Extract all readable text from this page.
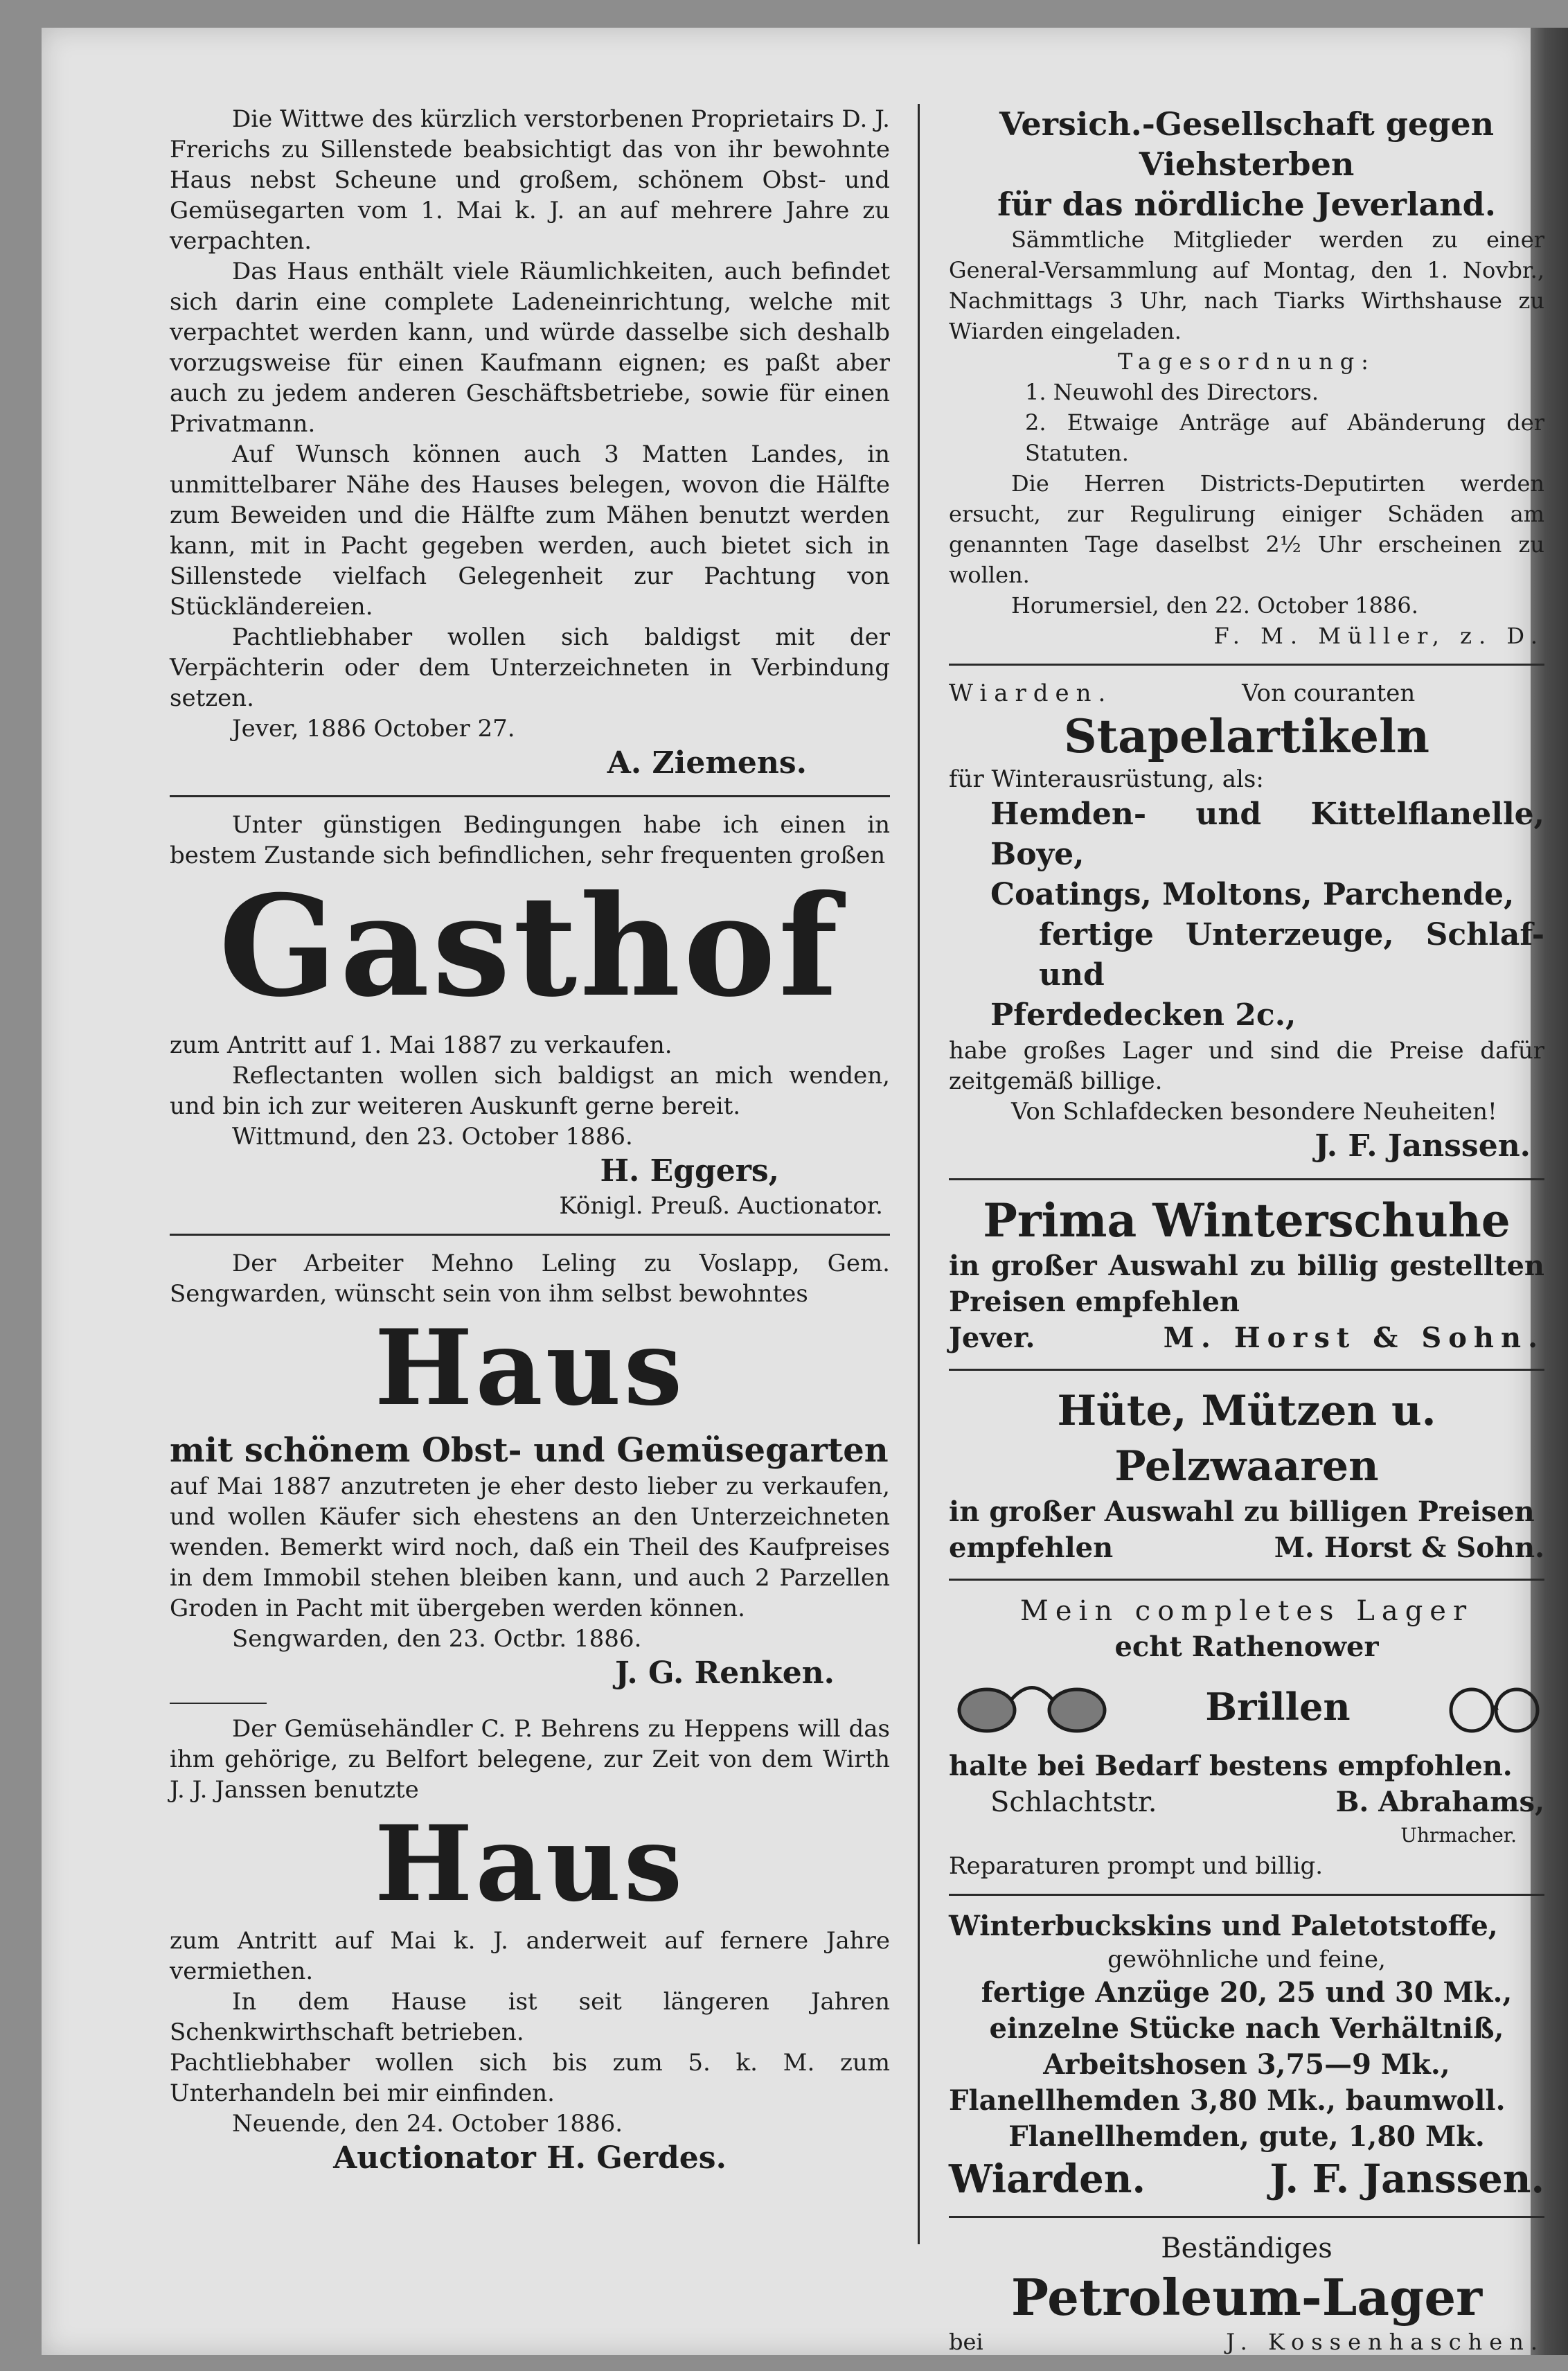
Die Wittwe des kürzlich verstorbenen Proprietairs D. J. Frerichs zu Sillenstede beabsichtigt das von ihr bewohnte Haus nebst Scheune und großem, schönem Obst- und Gemüsegarten vom 1. Mai k. J. an auf mehrere Jahre zu verpachten.

Das Haus enthält viele Räumlichkeiten, auch befindet sich darin eine complete Ladeneinrichtung, welche mit verpachtet werden kann, und würde dasselbe sich deshalb vorzugsweise für einen Kaufmann eignen; es paßt aber auch zu jedem anderen Geschäftsbetriebe, sowie für einen Privatmann.

Auf Wunsch können auch 3 Matten Landes, in unmittelbarer Nähe des Hauses belegen, wovon die Hälfte zum Beweiden und die Hälfte zum Mähen benutzt werden kann, mit in Pacht gegeben werden, auch bietet sich in Sillenstede vielfach Gelegenheit zur Pachtung von Stückländereien.

Pachtliebhaber wollen sich baldigst mit der Verpächterin oder dem Unterzeichneten in Verbindung setzen.

Jever, 1886 October 27.

A. Ziemens.

Unter günstigen Bedingungen habe ich einen in bestem Zustande sich befindlichen, sehr frequenten großen

Gasthof

zum Antritt auf 1. Mai 1887 zu verkaufen.

Reflectanten wollen sich baldigst an mich wenden, und bin ich zur weiteren Auskunft gerne bereit.

Wittmund, den 23. October 1886.

H. Eggers,

Königl. Preuß. Auctionator.

Der Arbeiter Mehno Leling zu Voslapp, Gem. Sengwarden, wünscht sein von ihm selbst bewohntes

Haus

mit schönem Obst- und Gemüsegarten

auf Mai 1887 anzutreten je eher desto lieber zu verkaufen, und wollen Käufer sich ehestens an den Unterzeichneten wenden. Bemerkt wird noch, daß ein Theil des Kaufpreises in dem Immobil stehen bleiben kann, und auch 2 Parzellen Groden in Pacht mit übergeben werden können.

Sengwarden, den 23. Octbr. 1886.

J. G. Renken.

Der Gemüsehändler C. P. Behrens zu Heppens will das ihm gehörige, zu Belfort belegene, zur Zeit von dem Wirth J. J. Janssen benutzte

Haus

zum Antritt auf Mai k. J. anderweit auf fernere Jahre vermiethen.

In dem Hause ist seit längeren Jahren Schenkwirthschaft betrieben.

Pachtliebhaber wollen sich bis zum 5. k. M. zum Unterhandeln bei mir einfinden.

Neuende, den 24. October 1886.

Auctionator H. Gerdes.

Versich.-Gesellschaft gegen Viehsterben

für das nördliche Jeverland.

Sämmtliche Mitglieder werden zu einer General-Versammlung auf Montag, den 1. Novbr., Nachmittags 3 Uhr, nach Tiarks Wirthshause zu Wiarden eingeladen.

Tagesordnung:

1. Neuwohl des Directors.

2. Etwaige Anträge auf Abänderung der Statuten.

Die Herren Districts-Deputirten werden ersucht, zur Regulirung einiger Schäden am genannten Tage daselbst 2½ Uhr erscheinen zu wollen.

Horumersiel, den 22. October 1886.

F. M. Müller, z. D.

Wiarden.	Von couranten

Stapelartikeln

für Winterausrüstung, als:

Hemden- und Kittelflanelle, Boye,

Coatings, Moltons, Parchende,

fertige Unterzeuge, Schlaf- und

Pferdedecken 2c.,

habe großes Lager und sind die Preise dafür zeitgemäß billige.

Von Schlafdecken besondere Neuheiten!

J. F. Janssen.

Prima Winterschuhe

in großer Auswahl zu billig gestellten Preisen empfehlen

Jever.	M. Horst & Sohn.

Hüte, Mützen u. Pelzwaaren

in großer Auswahl zu billigen Preisen

empfehlen	M. Horst & Sohn.

Mein completes Lager

echt Rathenower

Brillen

halte bei Bedarf bestens empfohlen.

Schlachtstr.	B. Abrahams,

Uhrmacher.

Reparaturen prompt und billig.

Winterbuckskins und Paletotstoffe,

gewöhnliche und feine,

fertige Anzüge 20, 25 und 30 Mk.,

einzelne Stücke nach Verhältniß,

Arbeitshosen 3,75—9 Mk.,

Flanellhemden 3,80 Mk., baumwoll.

Flanellhemden, gute, 1,80 Mk.

Wiarden.	J. F. Janssen.

Beständiges

Petroleum-Lager

bei	J. Kossenhaschen.
